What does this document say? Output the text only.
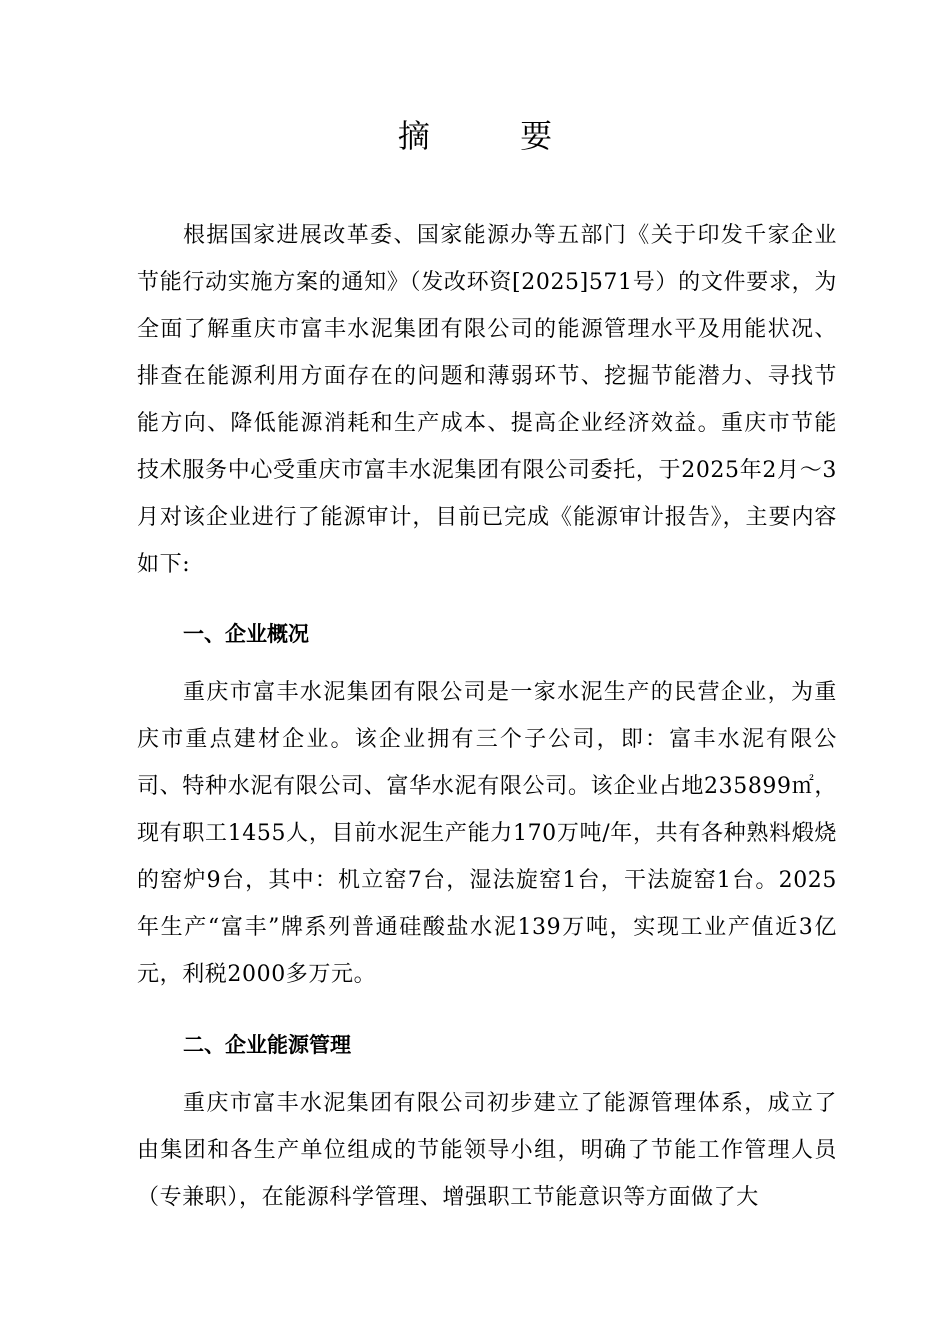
摘 要
根据国家进展改革委、国家能源办等五部门《关于印发千家企业节能行动实施方案的通知》（发改环资[2025]571号）的文件要求，为全面了解重庆市富丰水泥集团有限公司的能源管理水平及用能状况、排查在能源利用方面存在的问题和薄弱环节、挖掘节能潜力、寻找节能方向、降低能源消耗和生产成本、提高企业经济效益。重庆市节能技术服务中心受重庆市富丰水泥集团有限公司委托，于2025年2月～3月对该企业进行了能源审计，目前已完成《能源审计报告》，主要内容如下:
一、企业概况
重庆市富丰水泥集团有限公司是一家水泥生产的民营企业，为重庆市重点建材企业。该企业拥有三个子公司，即：富丰水泥有限公司、特种水泥有限公司、富华水泥有限公司。该企业占地235899㎡，现有职工1455人，目前水泥生产能力170万吨/年，共有各种熟料煅烧的窑炉9台，其中：机立窑7台，湿法旋窑1台，干法旋窑1台。2025年生产“富丰”牌系列普通硅酸盐水泥139万吨，实现工业产值近3亿元，利税2000多万元。
二、企业能源管理
重庆市富丰水泥集团有限公司初步建立了能源管理体系，成立了由集团和各生产单位组成的节能领导小组，明确了节能工作管理人员（专兼职），在能源科学管理、增强职工节能意识等方面做了大
